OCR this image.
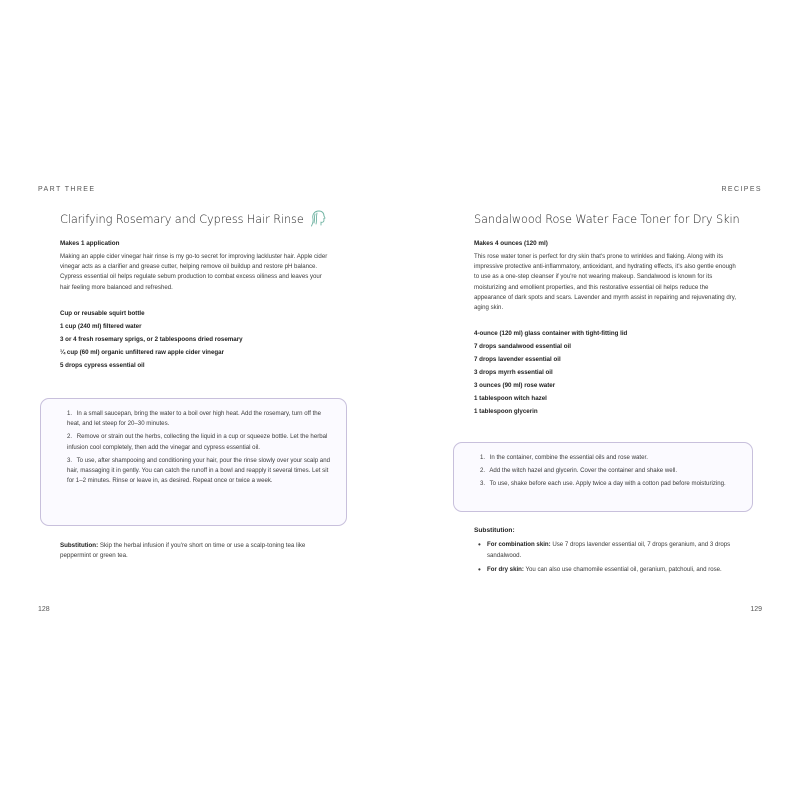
PART THREE
Clarifying Rosemary and Cypress Hair Rinse
Makes 1 application
Making an apple cider vinegar hair rinse is my go-to secret for improving lackluster hair. Apple cider vinegar acts as a clarifier and grease cutter, helping remove oil buildup and restore pH balance. Cypress essential oil helps regulate sebum production to combat excess oiliness and leaves your hair feeling more balanced and refreshed.
Cup or reusable squirt bottle
1 cup (240 ml) filtered water
3 or 4 fresh rosemary sprigs, or 2 tablespoons dried rosemary
¼ cup (60 ml) organic unfiltered raw apple cider vinegar
5 drops cypress essential oil
1. In a small saucepan, bring the water to a boil over high heat. Add the rosemary, turn off the heat, and let steep for 20–30 minutes.
2. Remove or strain out the herbs, collecting the liquid in a cup or squeeze bottle. Let the herbal infusion cool completely, then add the vinegar and cypress essential oil.
3. To use, after shampooing and conditioning your hair, pour the rinse slowly over your scalp and hair, massaging it in gently. You can catch the runoff in a bowl and reapply it several times. Let sit for 1–2 minutes. Rinse or leave in, as desired. Repeat once or twice a week.
Substitution: Skip the herbal infusion if you're short on time or use a scalp-toning tea like peppermint or green tea.
128
RECIPES
Sandalwood Rose Water Face Toner for Dry Skin
Makes 4 ounces (120 ml)
This rose water toner is perfect for dry skin that's prone to wrinkles and flaking. Along with its impressive protective anti-inflammatory, antioxidant, and hydrating effects, it's also gentle enough to use as a one-step cleanser if you're not wearing makeup. Sandalwood is known for its moisturizing and emollient properties, and this restorative essential oil helps reduce the appearance of dark spots and scars. Lavender and myrrh assist in repairing and rejuvenating dry, aging skin.
4-ounce (120 ml) glass container with tight-fitting lid
7 drops sandalwood essential oil
7 drops lavender essential oil
3 drops myrrh essential oil
3 ounces (90 ml) rose water
1 tablespoon witch hazel
1 tablespoon glycerin
1. In the container, combine the essential oils and rose water.
2. Add the witch hazel and glycerin. Cover the container and shake well.
3. To use, shake before each use. Apply twice a day with a cotton pad before moisturizing.
Substitution:
• For combination skin: Use 7 drops lavender essential oil, 7 drops geranium, and 3 drops sandalwood.
• For dry skin: You can also use chamomile essential oil, geranium, patchouli, and rose.
129
